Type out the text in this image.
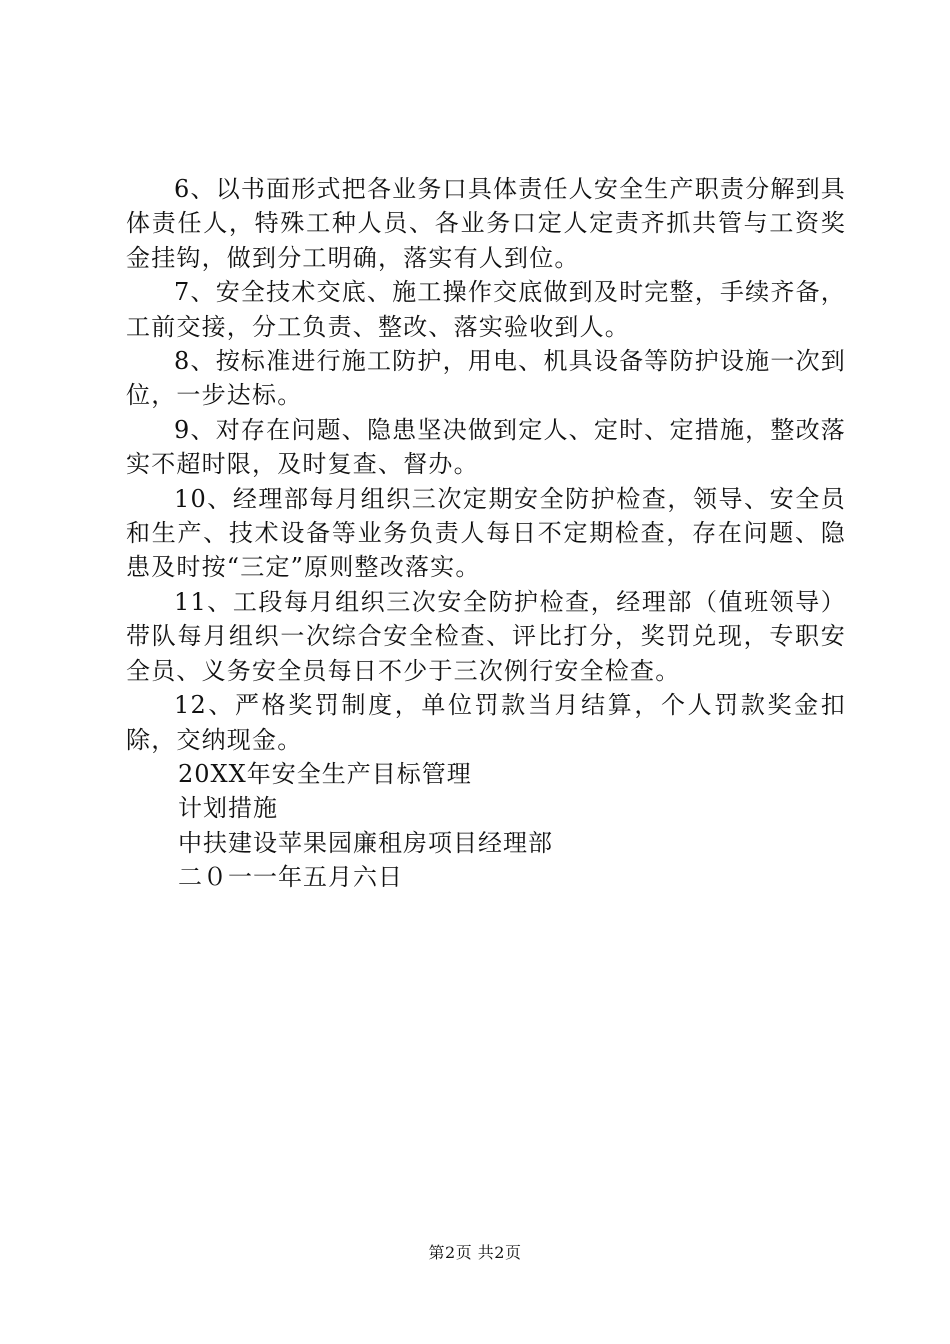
6、以书面形式把各业务口具体责任人安全生产职责分解到具体责任人，特殊工种人员、各业务口定人定责齐抓共管与工资奖金挂钩，做到分工明确，落实有人到位。

7、安全技术交底、施工操作交底做到及时完整，手续齐备，工前交接，分工负责、整改、落实验收到人。

8、按标准进行施工防护，用电、机具设备等防护设施一次到位，一步达标。

9、对存在问题、隐患坚决做到定人、定时、定措施，整改落实不超时限，及时复查、督办。

10、经理部每月组织三次定期安全防护检查，领导、安全员和生产、技术设备等业务负责人每日不定期检查，存在问题、隐患及时按“三定”原则整改落实。

11、工段每月组织三次安全防护检查，经理部（值班领导）带队每月组织一次综合安全检查、评比打分，奖罚兑现，专职安全员、义务安全员每日不少于三次例行安全检查。

12、严格奖罚制度，单位罚款当月结算，个人罚款奖金扣除，交纳现金。

20XX年安全生产目标管理

计划措施

中扶建设苹果园廉租房项目经理部

二０一一年五月六日

第2页 共2页
